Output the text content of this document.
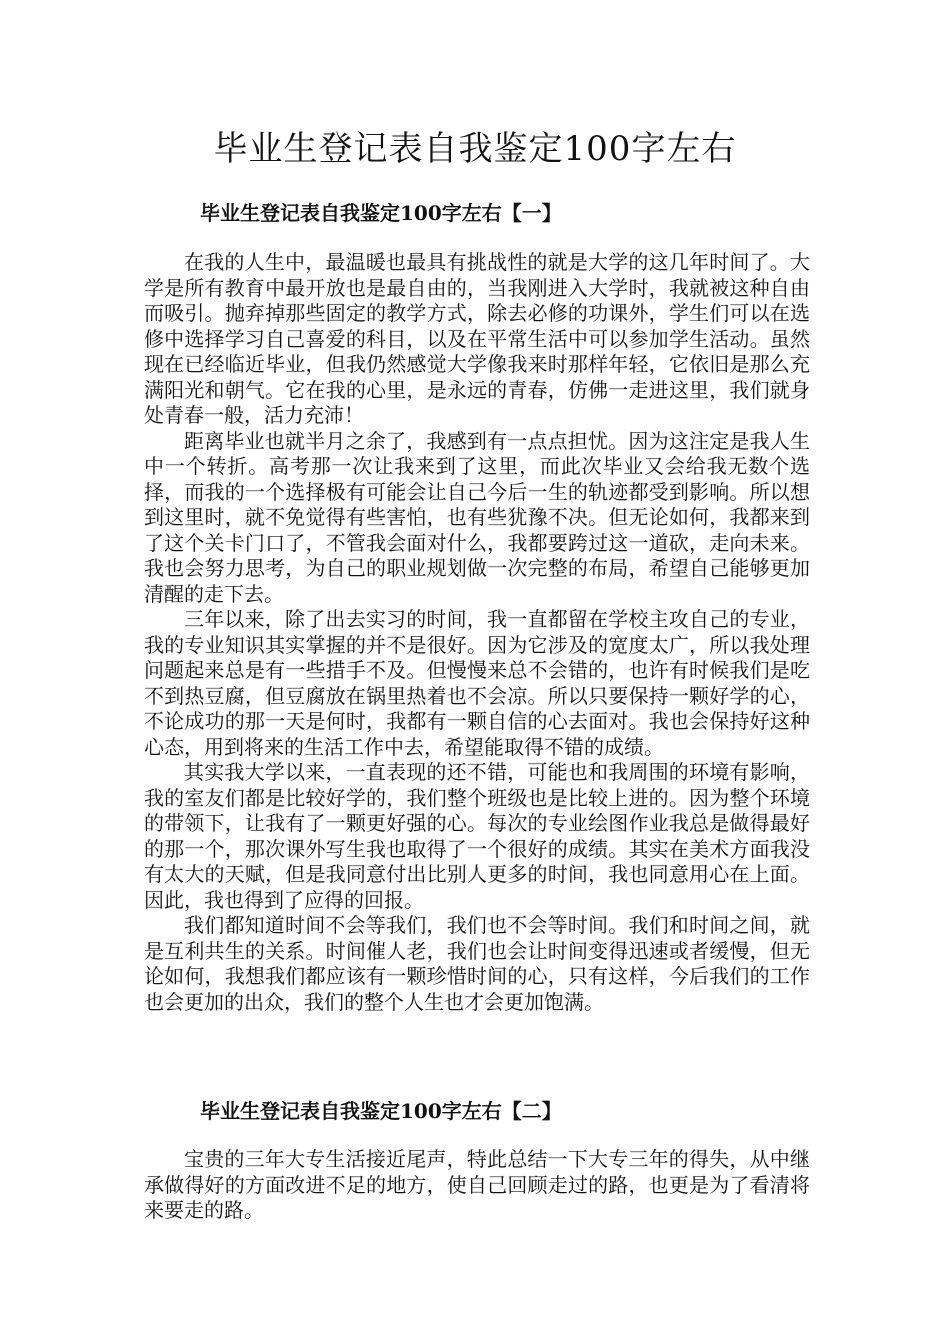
毕业生登记表自我鉴定100字左右
毕业生登记表自我鉴定100字左右【一】

在我的人生中，最温暖也最具有挑战性的就是大学的这几年时间了。大学是所有教育中最开放也是最自由的，当我刚进入大学时，我就被这种自由而吸引。抛弃掉那些固定的教学方式，除去必修的功课外，学生们可以在选修中选择学习自己喜爱的科目，以及在平常生活中可以参加学生活动。虽然现在已经临近毕业，但我仍然感觉大学像我来时那样年轻，它依旧是那么充满阳光和朝气。它在我的心里，是永远的青春，仿佛一走进这里，我们就身处青春一般，活力充沛！

距离毕业也就半月之余了，我感到有一点点担忧。因为这注定是我人生中一个转折。高考那一次让我来到了这里，而此次毕业又会给我无数个选择，而我的一个选择极有可能会让自己今后一生的轨迹都受到影响。所以想到这里时，就不免觉得有些害怕，也有些犹豫不决。但无论如何，我都来到了这个关卡门口了，不管我会面对什么，我都要跨过这一道砍，走向未来。我也会努力思考，为自己的职业规划做一次完整的布局，希望自己能够更加清醒的走下去。

三年以来，除了出去实习的时间，我一直都留在学校主攻自己的专业，我的专业知识其实掌握的并不是很好。因为它涉及的宽度太广，所以我处理问题起来总是有一些措手不及。但慢慢来总不会错的，也许有时候我们是吃不到热豆腐，但豆腐放在锅里热着也不会凉。所以只要保持一颗好学的心，不论成功的那一天是何时，我都有一颗自信的心去面对。我也会保持好这种心态，用到将来的生活工作中去，希望能取得不错的成绩。

其实我大学以来，一直表现的还不错，可能也和我周围的环境有影响，我的室友们都是比较好学的，我们整个班级也是比较上进的。因为整个环境的带领下，让我有了一颗更好强的心。每次的专业绘图作业我总是做得最好的那一个，那次课外写生我也取得了一个很好的成绩。其实在美术方面我没有太大的天赋，但是我同意付出比别人更多的时间，我也同意用心在上面。因此，我也得到了应得的回报。

我们都知道时间不会等我们，我们也不会等时间。我们和时间之间，就是互利共生的关系。时间催人老，我们也会让时间变得迅速或者缓慢，但无论如何，我想我们都应该有一颗珍惜时间的心，只有这样，今后我们的工作也会更加的出众，我们的整个人生也才会更加饱满。

毕业生登记表自我鉴定100字左右【二】

宝贵的三年大专生活接近尾声，特此总结一下大专三年的得失，从中继承做得好的方面改进不足的地方，使自己回顾走过的路，也更是为了看清将来要走的路。
